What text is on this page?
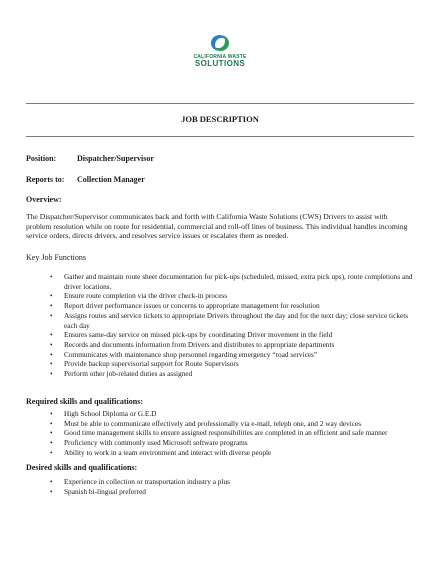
CALIFORNIA WASTE
SOLUTIONS
JOB DESCRIPTION
Position:	Dispatcher/Supervisor
Reports to: Collection Manager
Overview:
The Dispatcher/Supervisor communicates back and forth with California Waste Solutions (CWS) Drivers to assist with problem resolution while on route for residential, commercial and roll-off lines of business. This individual handles incoming service orders, directs drivers, and resolves service issues or escalates them as needed.
Key Job Functions
• Gather and maintain route sheet documentation for pick-ups (scheduled, missed, extra pick ups), route completions and driver locations.
• Ensure route completion via the driver check-in process
• Report driver performance issues or concerns to appropriate management for resolution
• Assigns routes and service tickets to appropriate Drivers throughout the day and for the next day; close service tickets each day
• Ensures same-day service on missed pick-ups by coordinating Driver movement in the field
• Records and documents information from Drivers and distributes to appropriate departments
• Communicates with maintenance shop personnel regarding emergency “road services”
• Provide backup supervisorial support for Route Supervisors
• Perform other job-related duties as assigned
Required skills and qualifications:
• High School Diploma or G.E.D
• Must be able to communicate effectively and professionally via e-mail, teleph one, and 2 way devices
• Good time management skills to ensure assigned responsibilities are completed in an efficient and safe manner
• Proficiency with commonly used Microsoft software programs
• Ability to work in a team environment and interact with diverse people
Desired skills and qualifications:
• Experience in collection or transportation industry a plus
• Spanish bi-lingual preferred
